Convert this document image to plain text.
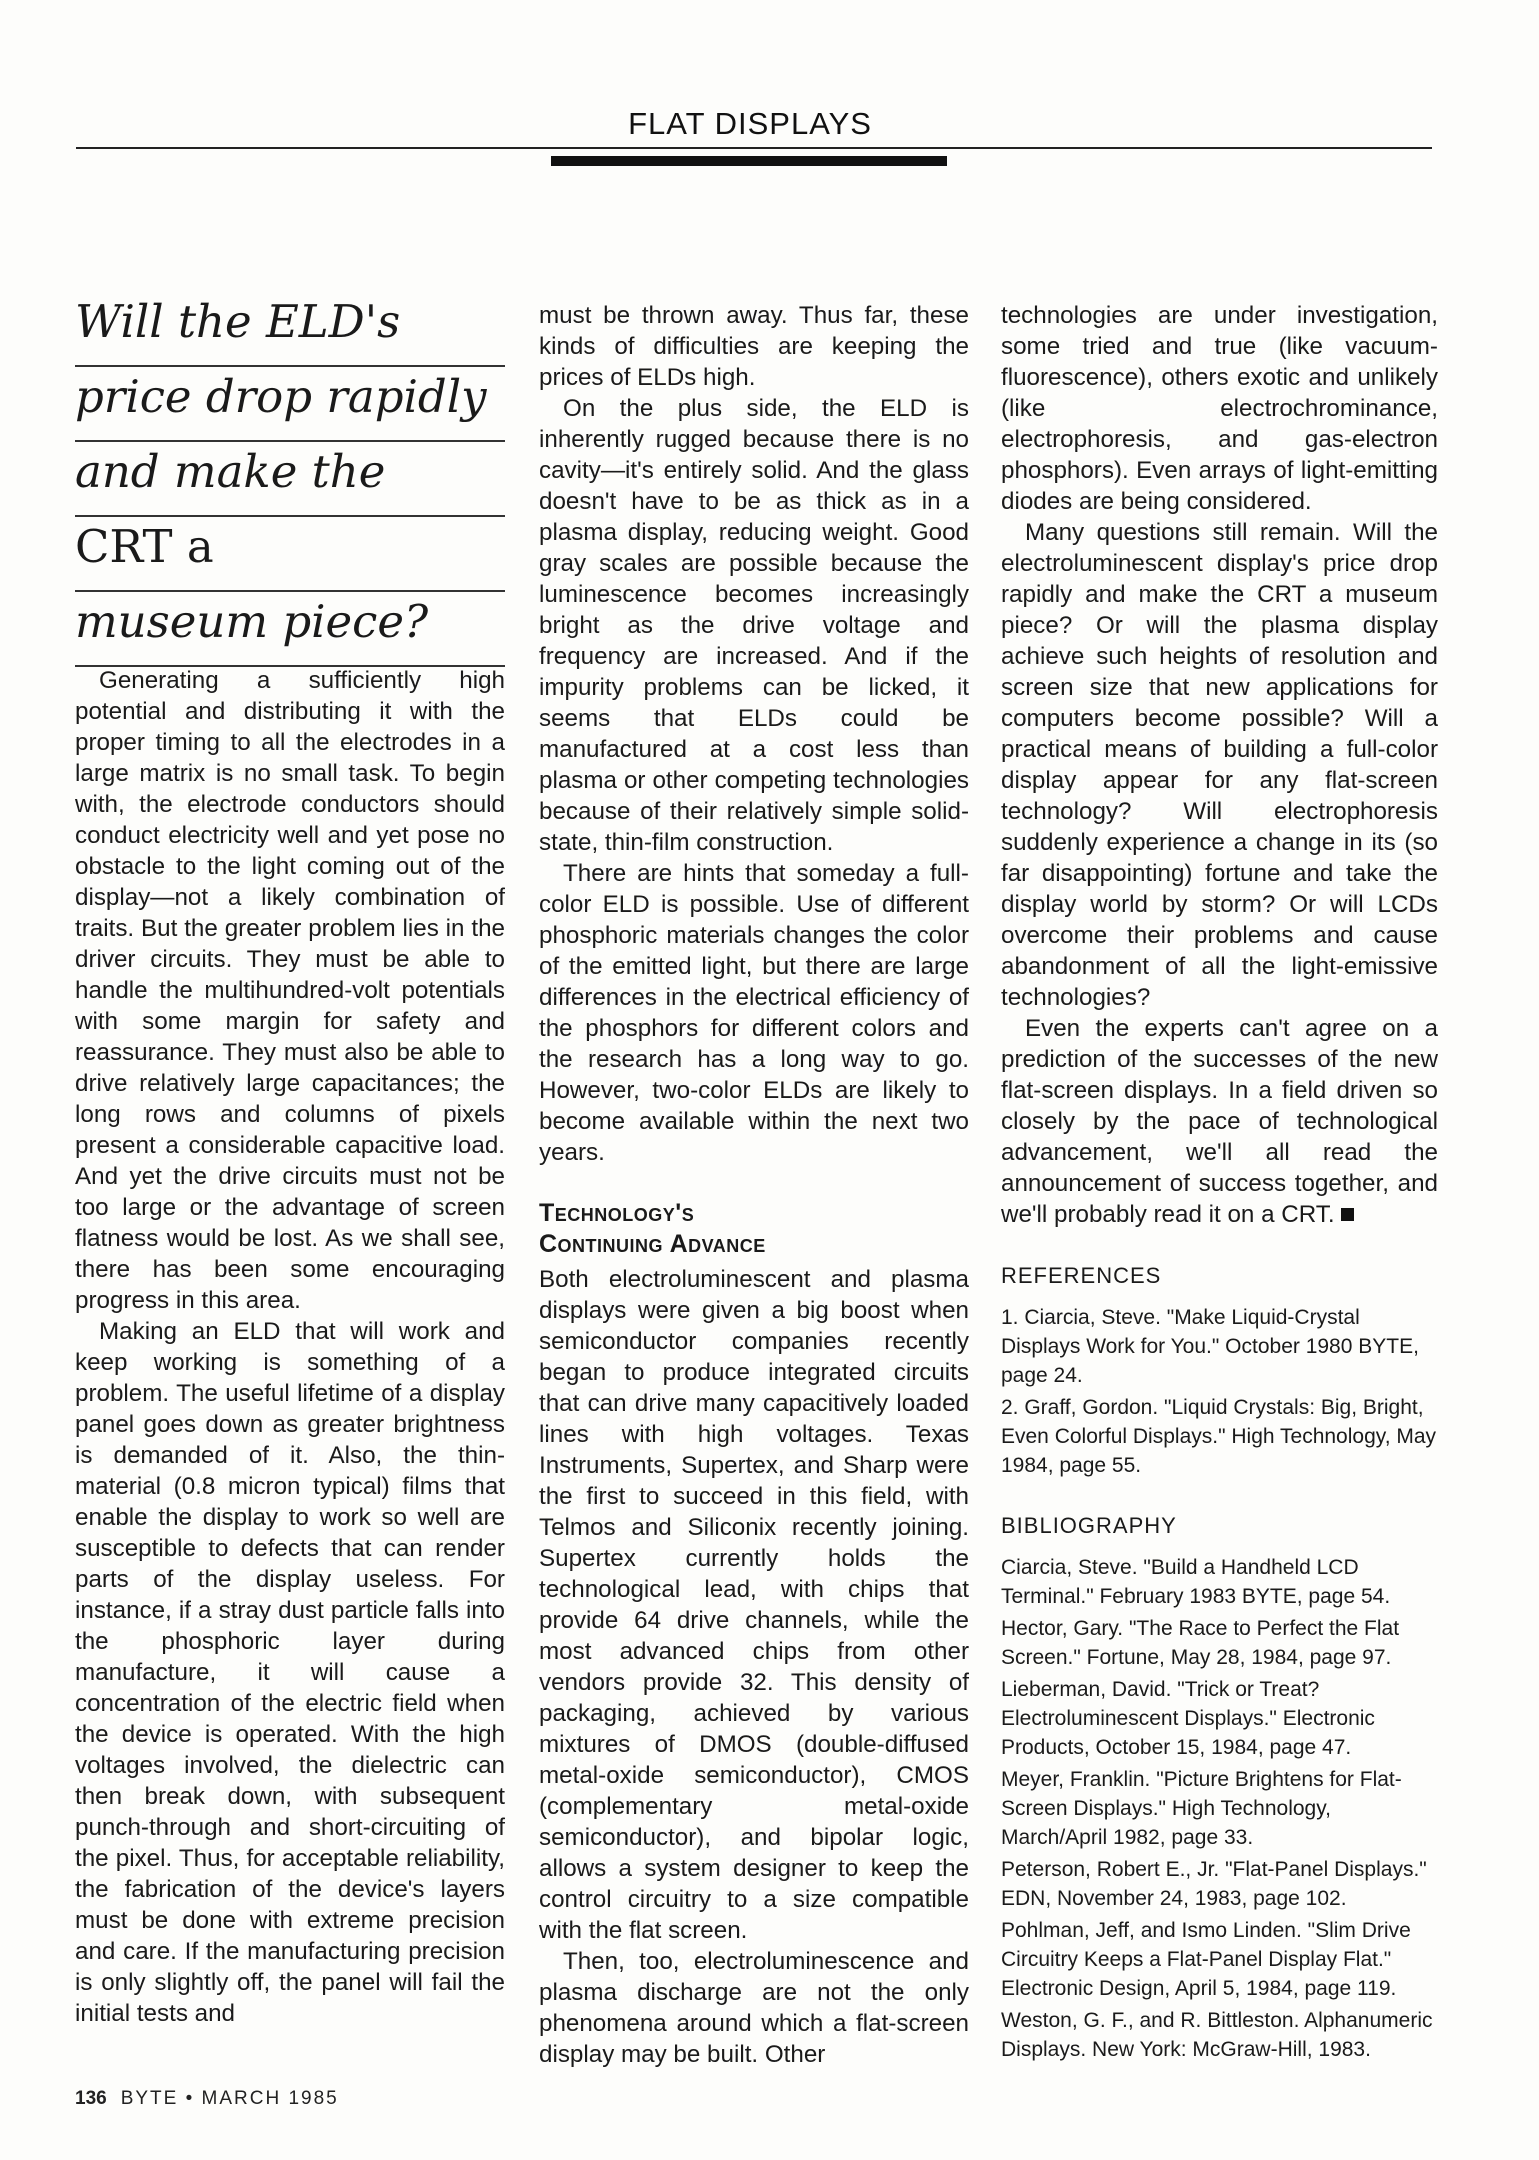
FLAT DISPLAYS
Will the ELD's
price drop rapidly
and make the
CRT a
museum piece?

Generating a sufficiently high potential and distributing it with the proper timing to all the electrodes in a large matrix is no small task. To begin with, the electrode conductors should conduct electricity well and yet pose no obstacle to the light coming out of the display—not a likely combination of traits. But the greater problem lies in the driver circuits. They must be able to handle the multihundred-volt potentials with some margin for safety and reassurance. They must also be able to drive relatively large capacitances; the long rows and columns of pixels present a considerable capacitive load. And yet the drive circuits must not be too large or the advantage of screen flatness would be lost. As we shall see, there has been some encouraging progress in this area.

Making an ELD that will work and keep working is something of a problem. The useful lifetime of a display panel goes down as greater brightness is demanded of it. Also, the thin-material (0.8 micron typical) films that enable the display to work so well are susceptible to defects that can render parts of the display useless. For instance, if a stray dust particle falls into the phosphoric layer during manufacture, it will cause a concentration of the electric field when the device is operated. With the high voltages involved, the dielectric can then break down, with subsequent punch-through and short-circuiting of the pixel. Thus, for acceptable reliability, the fabrication of the device's layers must be done with extreme precision and care. If the manufacturing precision is only slightly off, the panel will fail the initial tests and

must be thrown away. Thus far, these kinds of difficulties are keeping the prices of ELDs high.

On the plus side, the ELD is inherently rugged because there is no cavity—it's entirely solid. And the glass doesn't have to be as thick as in a plasma display, reducing weight. Good gray scales are possible because the luminescence becomes increasingly bright as the drive voltage and frequency are increased. And if the impurity problems can be licked, it seems that ELDs could be manufactured at a cost less than plasma or other competing technologies because of their relatively simple solid-state, thin-film construction.

There are hints that someday a full-color ELD is possible. Use of different phosphoric materials changes the color of the emitted light, but there are large differences in the electrical efficiency of the phosphors for different colors and the research has a long way to go. However, two-color ELDs are likely to become available within the next two years.

Technology's
Continuing Advance

Both electroluminescent and plasma displays were given a big boost when semiconductor companies recently began to produce integrated circuits that can drive many capacitively loaded lines with high voltages. Texas Instruments, Supertex, and Sharp were the first to succeed in this field, with Telmos and Siliconix recently joining. Supertex currently holds the technological lead, with chips that provide 64 drive channels, while the most advanced chips from other vendors provide 32. This density of packaging, achieved by various mixtures of DMOS (double-diffused metal-oxide semiconductor), CMOS (complementary metal-oxide semiconductor), and bipolar logic, allows a system designer to keep the control circuitry to a size compatible with the flat screen.

Then, too, electroluminescence and plasma discharge are not the only phenomena around which a flat-screen display may be built. Other

technologies are under investigation, some tried and true (like vacuum-fluorescence), others exotic and unlikely (like electrochrominance, electrophoresis, and gas-electron phosphors). Even arrays of light-emitting diodes are being considered.

Many questions still remain. Will the electroluminescent display's price drop rapidly and make the CRT a museum piece? Or will the plasma display achieve such heights of resolution and screen size that new applications for computers become possible? Will a practical means of building a full-color display appear for any flat-screen technology? Will electrophoresis suddenly experience a change in its (so far disappointing) fortune and take the display world by storm? Or will LCDs overcome their problems and cause abandonment of all the light-emissive technologies?

Even the experts can't agree on a prediction of the successes of the new flat-screen displays. In a field driven so closely by the pace of technological advancement, we'll all read the announcement of success together, and we'll probably read it on a CRT.

REFERENCES

1. Ciarcia, Steve. "Make Liquid-Crystal Displays Work for You." October 1980 BYTE, page 24.

2. Graff, Gordon. "Liquid Crystals: Big, Bright, Even Colorful Displays." High Technology, May 1984, page 55.

BIBLIOGRAPHY

Ciarcia, Steve. "Build a Handheld LCD Terminal." February 1983 BYTE, page 54.

Hector, Gary. "The Race to Perfect the Flat Screen." Fortune, May 28, 1984, page 97.

Lieberman, David. "Trick or Treat? Electroluminescent Displays." Electronic Products, October 15, 1984, page 47.

Meyer, Franklin. "Picture Brightens for Flat-Screen Displays." High Technology, March/April 1982, page 33.

Peterson, Robert E., Jr. "Flat-Panel Displays." EDN, November 24, 1983, page 102.

Pohlman, Jeff, and Ismo Linden. "Slim Drive Circuitry Keeps a Flat-Panel Display Flat." Electronic Design, April 5, 1984, page 119.

Weston, G. F., and R. Bittleston. Alphanumeric Displays. New York: McGraw-Hill, 1983.

136 BYTE • MARCH 1985
